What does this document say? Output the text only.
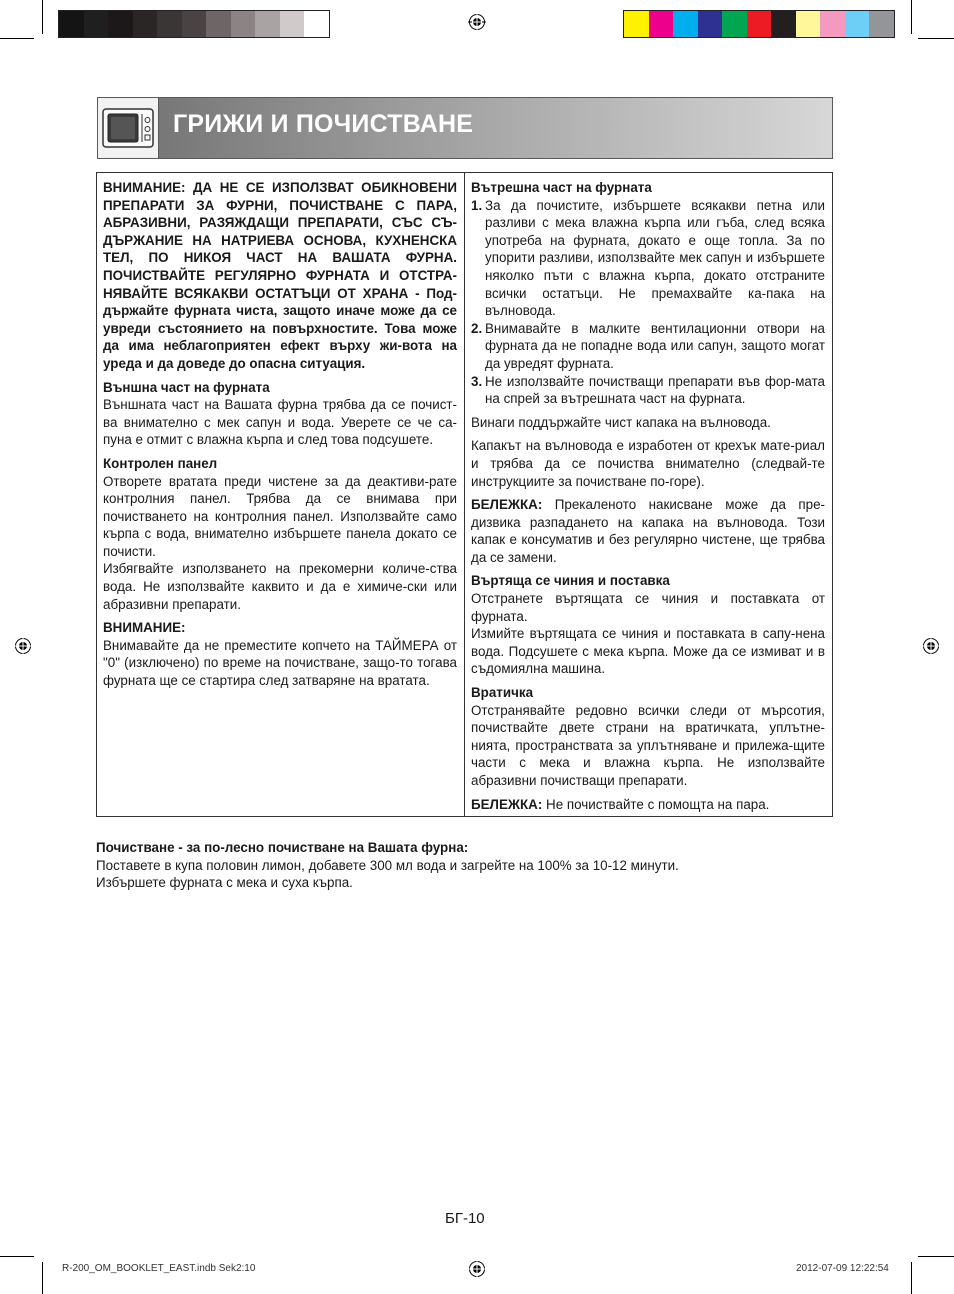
ГРИЖИ И ПОЧИСТВАНЕ

ВНИМАНИЕ: ДА НЕ СЕ ИЗПОЛЗВАТ ОБИКНОВЕНИ ПРЕПАРАТИ ЗА ФУРНИ, ПОЧИСТВАНЕ С ПАРА, АБРАЗИВНИ, РАЗЯЖДАЩИ ПРЕПАРАТИ, СЪС СЪ-ДЪРЖАНИЕ НА НАТРИЕВА ОСНОВА, КУХНЕНСКА ТЕЛ, ПО НИКОЯ ЧАСТ НА ВАШАТА ФУРНА. ПОЧИСТВАЙТЕ РЕГУЛЯРНО ФУРНАТА И ОТСТРА-НЯВАЙТЕ ВСЯКАКВИ ОСТАТЪЦИ ОТ ХРАНА - Под-държайте фурната чиста, защото иначе може да се увреди състоянието на повърхностите. Това може да има неблагоприятен ефект върху жи-вота на уреда и да доведе до опасна ситуация.

Външна част на фурната

Външната част на Вашата фурна трябва да се почист-ва внимателно с мек сапун и вода. Уверете се че са-пуна е отмит с влажна кърпа и след това подсушете.

Контролен панел

Отворете вратата преди чистене за да деактиви-рате контролния панел. Трябва да се внимава при почистването на контролния панел. Използвайте само кърпа с вода, внимателно избършете панела докато се почисти.

Избягвайте използването на прекомерни количе-ства вода. Не използвайте каквито и да е химиче-ски или абразивни препарати.

ВНИМАНИЕ:

Внимавайте да не преместите копчето на ТАЙМЕРА от "0" (изключено) по време на почистване, защо-то тогава фурната ще се стартира след затваряне на вратата.

Вътрешна част на фурната

1. За да почистите, избършете всякакви петна или разливи с мека влажна кърпа или гъба, след всяка употреба на фурната, докато е още топла. За по упорити разливи, използвайте мек сапун и избършете няколко пъти с влажна кърпа, докато отстраните всички остатъци. Не премахвайте ка-пака на вълновода.
2. Внимавайте в малките вентилационни отвори на фурната да не попадне вода или сапун, защото могат да увредят фурната.
3. Не използвайте почистващи препарати във фор-мата на спрей за вътрешната част на фурната.

Винаги поддържайте чист капака на вълновода.

Капакът на вълновода е изработен от крехък мате-риал и трябва да се почиства внимателно (следвай-те инструкциите за почистване по-горе).

БЕЛЕЖКА: Прекаленото накисване може да пре-дизвика разпадането на капака на вълновода. Този капак е консуматив и без регулярно чистене, ще трябва да се замени.

Въртяща се чиния и поставка

Отстранете въртящата се чиния и поставката от фурната.

Измийте въртящата се чиния и поставката в сапу-нена вода. Подсушете с мека кърпа. Може да се измиват и в съдомиялна машина.

Вратичка

Отстранявайте редовно всички следи от мърсотия, почиствайте двете страни на вратичката, уплътне-нията, пространствата за уплътняване и прилежа-щите части с мека и влажна кърпа. Не използвайте абразивни почистващи препарати.

БЕЛЕЖКА: Не почиствайте с помощта на пара.

Почистване - за по-лесно почистване на Вашата фурна:
Поставете в купа половин лимон, добавете 300 мл вода и загрейте на 100% за 10-12 минути.
Избършете фурната с мека и суха кърпа.
БГ-10
R-200_OM_BOOKLET_EAST.indb Sek2:10	2012-07-09 12:22:54
